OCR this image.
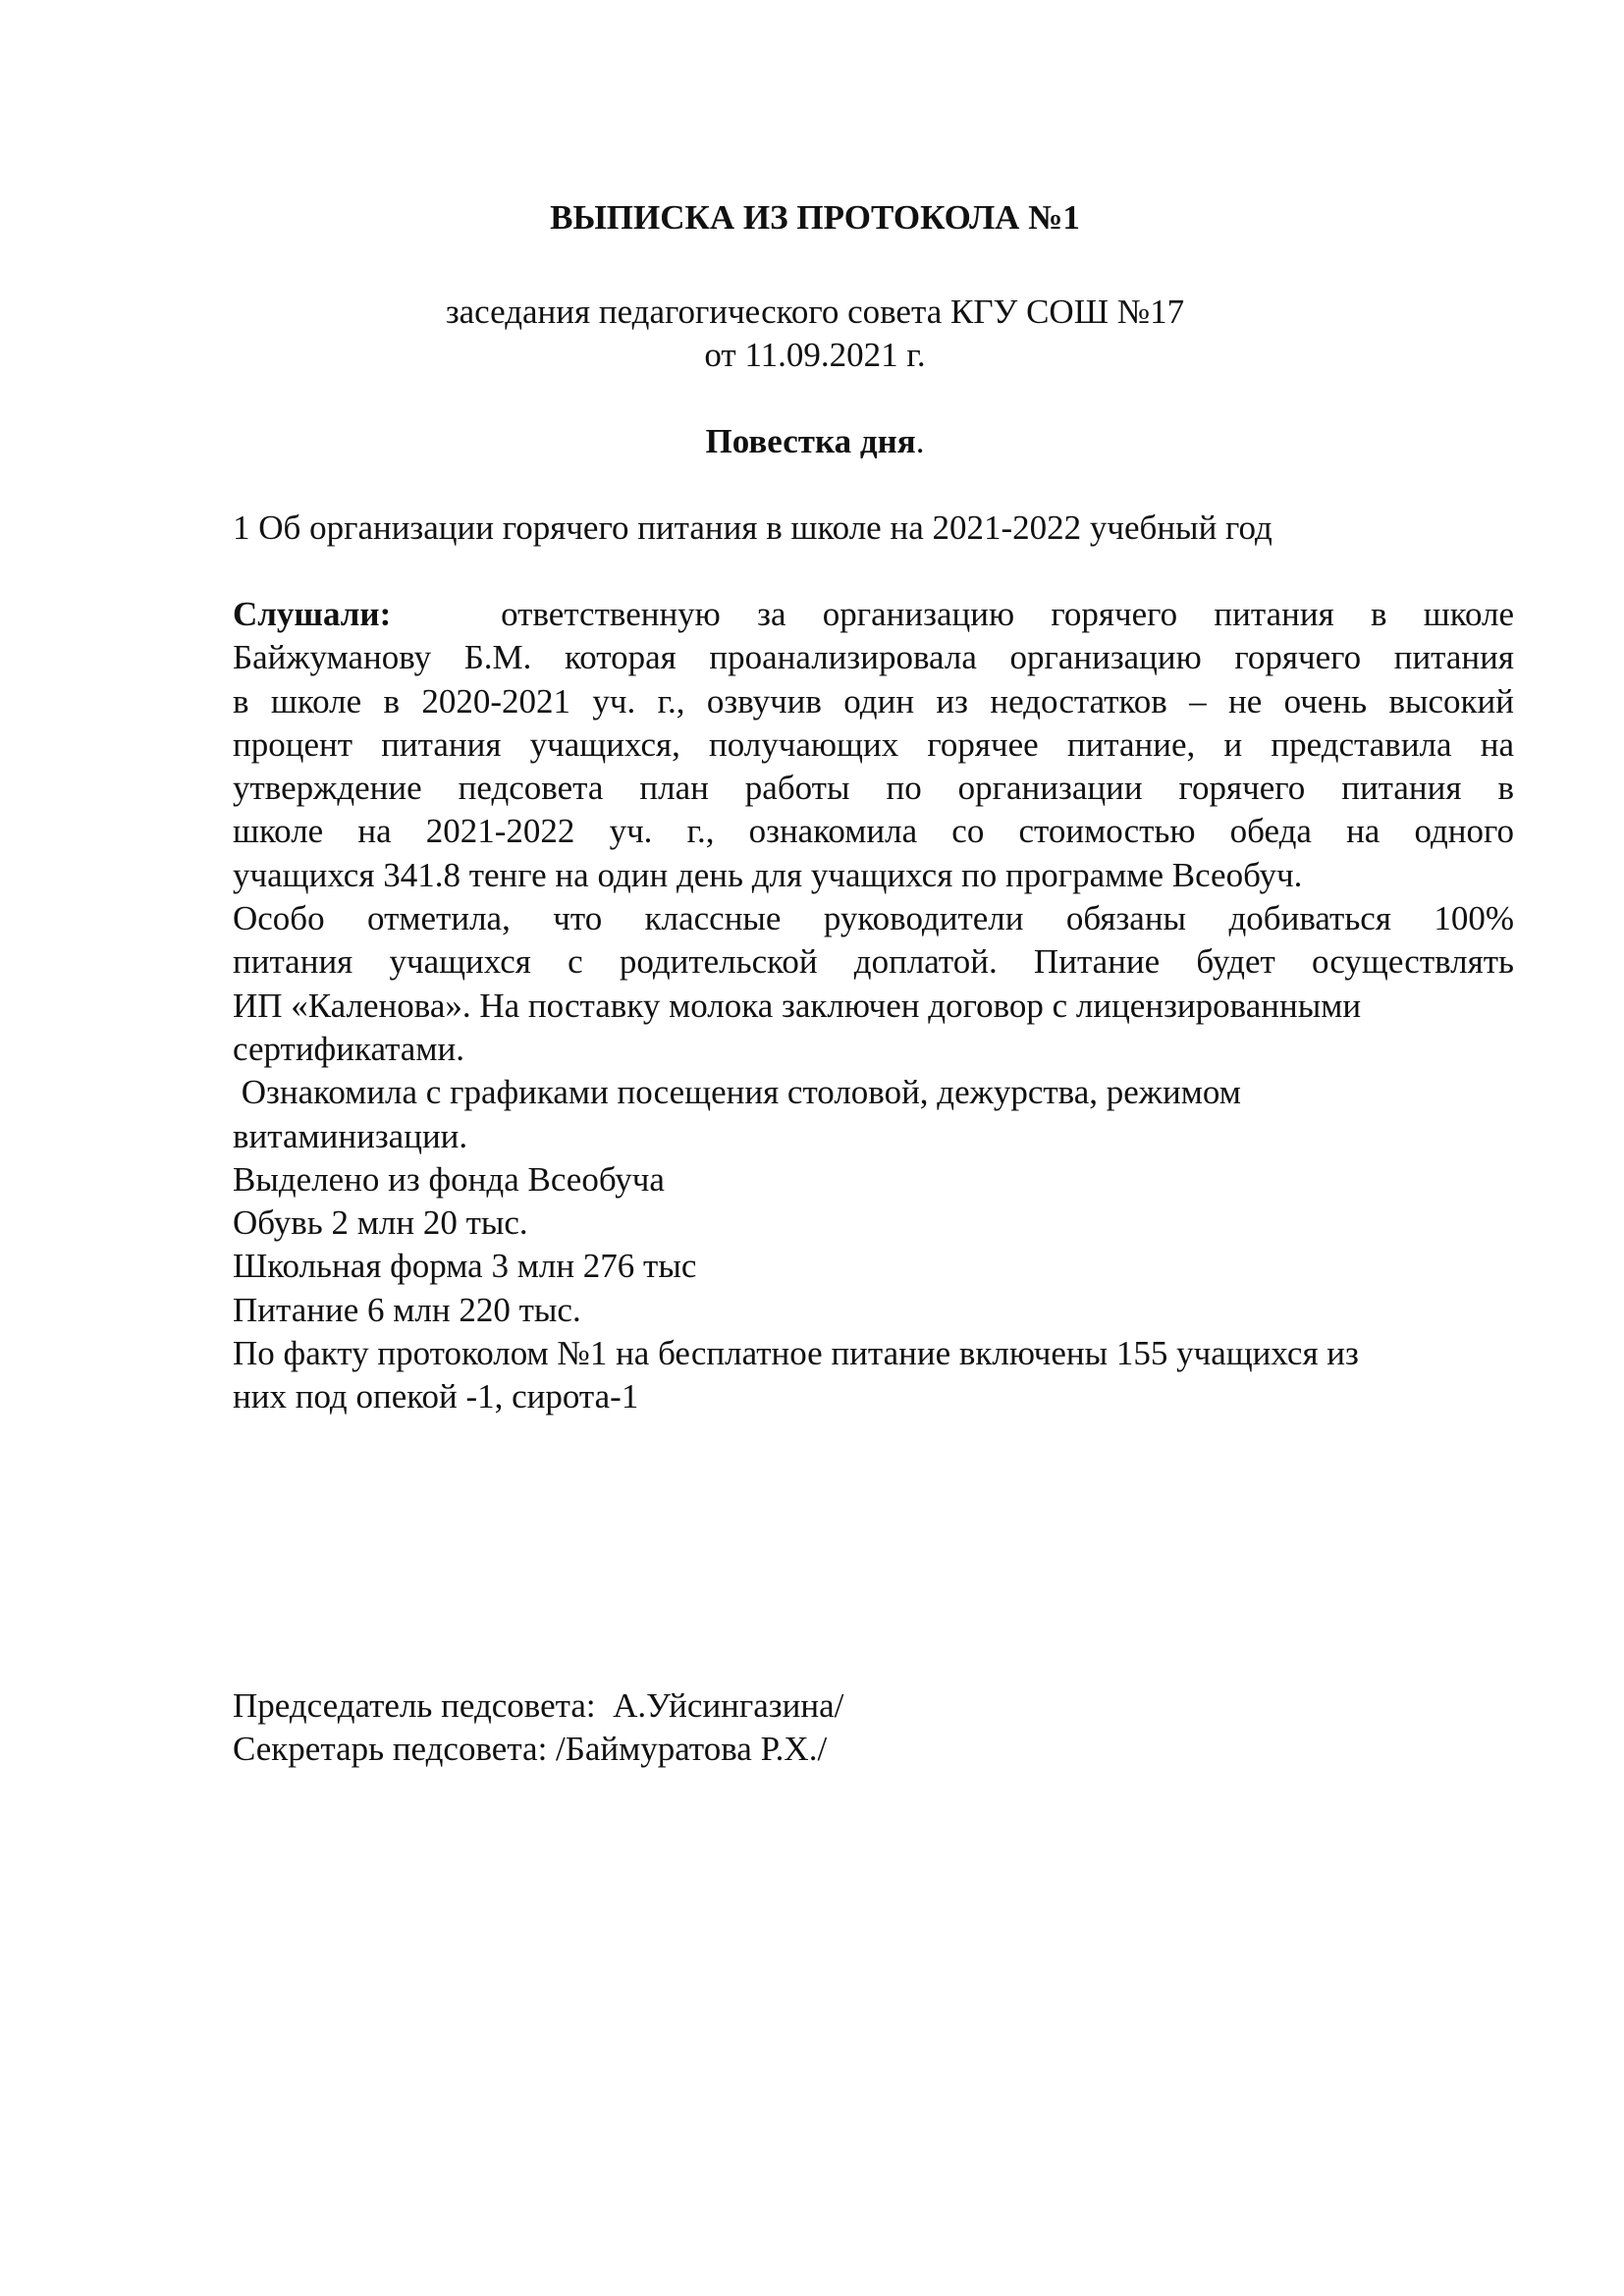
ВЫПИСКА ИЗ ПРОТОКОЛА №1
заседания педагогического совета КГУ СОШ №17
от 11.09.2021 г.
Повестка дня.
1 Об организации горячего питания в школе на 2021-2022 учебный год
Слушали:	ответственную за организацию горячего питания в школе
Байжуманову Б.М. которая проанализировала организацию горячего питания
в школе в 2020-2021 уч. г., озвучив один из недостатков – не очень высокий
процент питания учащихся, получающих горячее питание, и представила на
утверждение педсовета план работы по организации горячего питания в
школе на 2021-2022 уч. г., ознакомила со стоимостью обеда на одного
учащихся 341.8 тенге на один день для учащихся по программе Всеобуч.
Особо отметила, что классные руководители обязаны добиваться 100%
питания учащихся с родительской доплатой. Питание будет осуществлять
ИП «Каленова». На поставку молока заключен договор с лицензированными
сертификатами.
Ознакомила с графиками посещения столовой, дежурства, режимом
витаминизации.
Выделено из фонда Всеобуча
Обувь 2 млн 20 тыс.
Школьная форма 3 млн 276 тыс
Питание 6 млн 220 тыс.
По факту протоколом №1 на бесплатное питание включены 155 учащихся из
них под опекой -1, сирота-1
Председатель педсовета:  А.Уйсингазина/
Секретарь педсовета: /Баймуратова Р.Х./
